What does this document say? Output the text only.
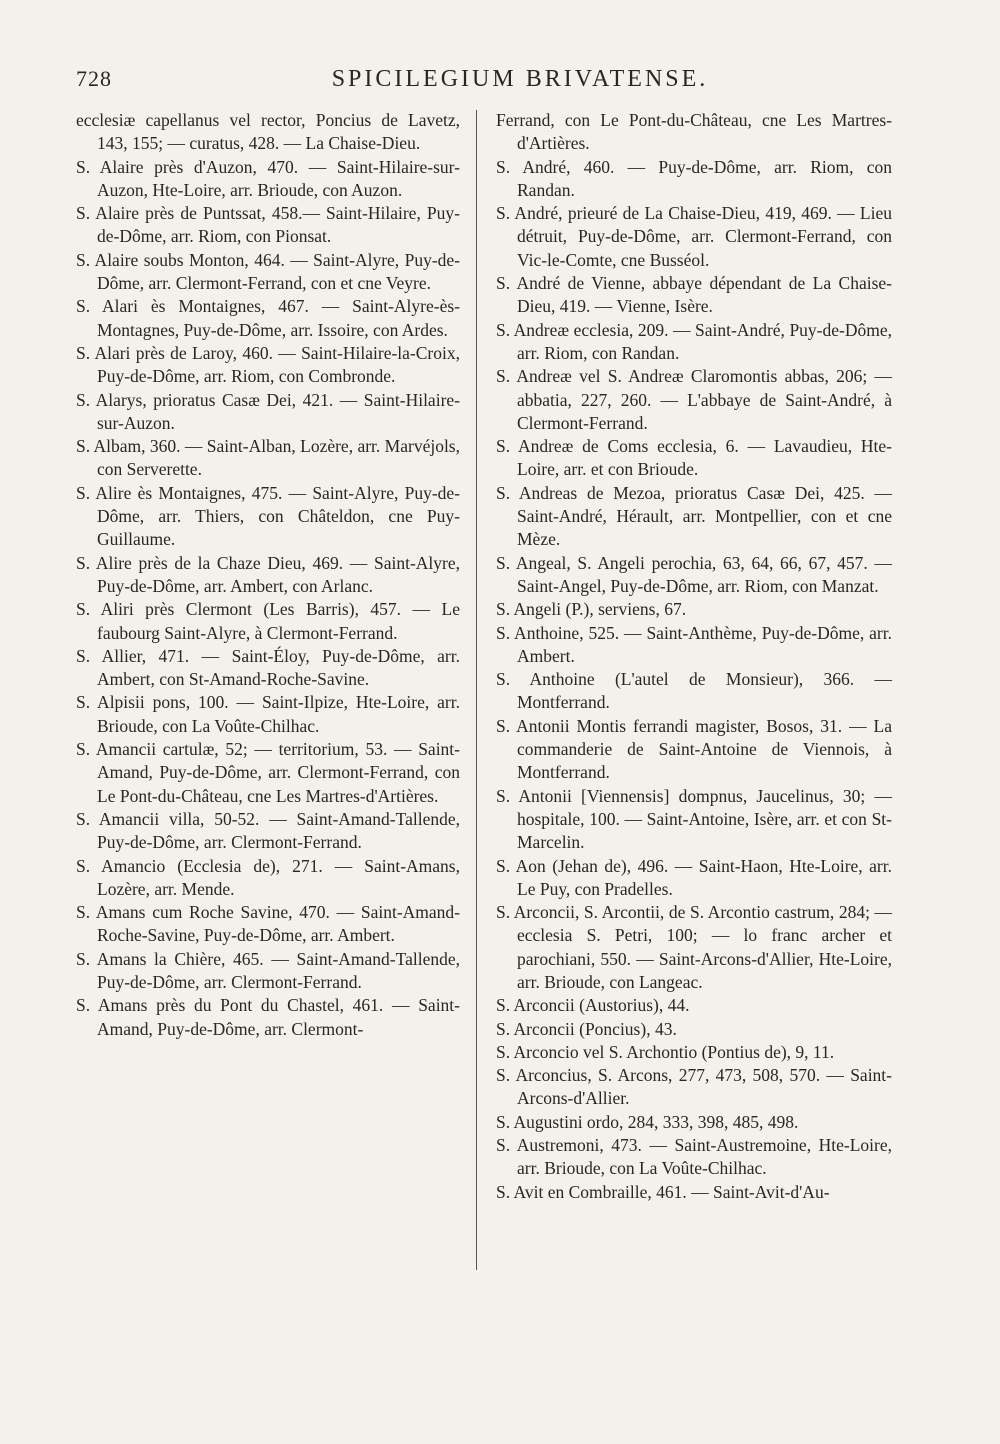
728	SPICILEGIUM BRIVATENSE.

ecclesiæ capellanus vel rector, Poncius de Lavetz, 143, 155; — curatus, 428. — La Chaise-Dieu.

S. Alaire près d'Auzon, 470. — Saint-Hilaire-sur-Auzon, Hte-Loire, arr. Brioude, con Auzon.

S. Alaire près de Puntssat, 458.— Saint-Hilaire, Puy-de-Dôme, arr. Riom, con Pionsat.

S. Alaire soubs Monton, 464. — Saint-Alyre, Puy-de-Dôme, arr. Clermont-Ferrand, con et cne Veyre.

S. Alari ès Montaignes, 467. — Saint-Alyre-ès-Montagnes, Puy-de-Dôme, arr. Issoire, con Ardes.

S. Alari près de Laroy, 460. — Saint-Hilaire-la-Croix, Puy-de-Dôme, arr. Riom, con Combronde.

S. Alarys, prioratus Casæ Dei, 421. — Saint-Hilaire-sur-Auzon.

S. Albam, 360. — Saint-Alban, Lozère, arr. Marvéjols, con Serverette.

S. Alire ès Montaignes, 475. — Saint-Alyre, Puy-de-Dôme, arr. Thiers, con Châteldon, cne Puy-Guillaume.

S. Alire près de la Chaze Dieu, 469. — Saint-Alyre, Puy-de-Dôme, arr. Ambert, con Arlanc.

S. Aliri près Clermont (Les Barris), 457. — Le faubourg Saint-Alyre, à Clermont-Ferrand.

S. Allier, 471. — Saint-Éloy, Puy-de-Dôme, arr. Ambert, con St-Amand-Roche-Savine.

S. Alpisii pons, 100. — Saint-Ilpize, Hte-Loire, arr. Brioude, con La Voûte-Chilhac.

S. Amancii cartulæ, 52; — territorium, 53. — Saint-Amand, Puy-de-Dôme, arr. Clermont-Ferrand, con Le Pont-du-Château, cne Les Martres-d'Artières.

S. Amancii villa, 50-52. — Saint-Amand-Tallende, Puy-de-Dôme, arr. Clermont-Ferrand.

S. Amancio (Ecclesia de), 271. — Saint-Amans, Lozère, arr. Mende.

S. Amans cum Roche Savine, 470. — Saint-Amand-Roche-Savine, Puy-de-Dôme, arr. Ambert.

S. Amans la Chière, 465. — Saint-Amand-Tallende, Puy-de-Dôme, arr. Clermont-Ferrand.

S. Amans près du Pont du Chastel, 461. — Saint-Amand, Puy-de-Dôme, arr. Clermont-

Ferrand, con Le Pont-du-Château, cne Les Martres-d'Artières.

S. André, 460. — Puy-de-Dôme, arr. Riom, con Randan.

S. André, prieuré de La Chaise-Dieu, 419, 469. — Lieu détruit, Puy-de-Dôme, arr. Clermont-Ferrand, con Vic-le-Comte, cne Busséol.

S. André de Vienne, abbaye dépendant de La Chaise-Dieu, 419. — Vienne, Isère.

S. Andreæ ecclesia, 209. — Saint-André, Puy-de-Dôme, arr. Riom, con Randan.

S. Andreæ vel S. Andreæ Claromontis abbas, 206; — abbatia, 227, 260. — L'abbaye de Saint-André, à Clermont-Ferrand.

S. Andreæ de Coms ecclesia, 6. — Lavaudieu, Hte-Loire, arr. et con Brioude.

S. Andreas de Mezoa, prioratus Casæ Dei, 425. — Saint-André, Hérault, arr. Montpellier, con et cne Mèze.

S. Angeal, S. Angeli perochia, 63, 64, 66, 67, 457. — Saint-Angel, Puy-de-Dôme, arr. Riom, con Manzat.

S. Angeli (P.), serviens, 67.

S. Anthoine, 525. — Saint-Anthème, Puy-de-Dôme, arr. Ambert.

S. Anthoine (L'autel de Monsieur), 366. — Montferrand.

S. Antonii Montis ferrandi magister, Bosos, 31. — La commanderie de Saint-Antoine de Viennois, à Montferrand.

S. Antonii [Viennensis] dompnus, Jaucelinus, 30; — hospitale, 100. — Saint-Antoine, Isère, arr. et con St-Marcelin.

S. Aon (Jehan de), 496. — Saint-Haon, Hte-Loire, arr. Le Puy, con Pradelles.

S. Arconcii, S. Arcontii, de S. Arcontio castrum, 284; — ecclesia S. Petri, 100; — lo franc archer et parochiani, 550. — Saint-Arcons-d'Allier, Hte-Loire, arr. Brioude, con Langeac.

S. Arconcii (Austorius), 44.

S. Arconcii (Poncius), 43.

S. Arconcio vel S. Archontio (Pontius de), 9, 11.

S. Arconcius, S. Arcons, 277, 473, 508, 570. — Saint-Arcons-d'Allier.

S. Augustini ordo, 284, 333, 398, 485, 498.

S. Austremoni, 473. — Saint-Austremoine, Hte-Loire, arr. Brioude, con La Voûte-Chilhac.

S. Avit en Combraille, 461. — Saint-Avit-d'Au-
